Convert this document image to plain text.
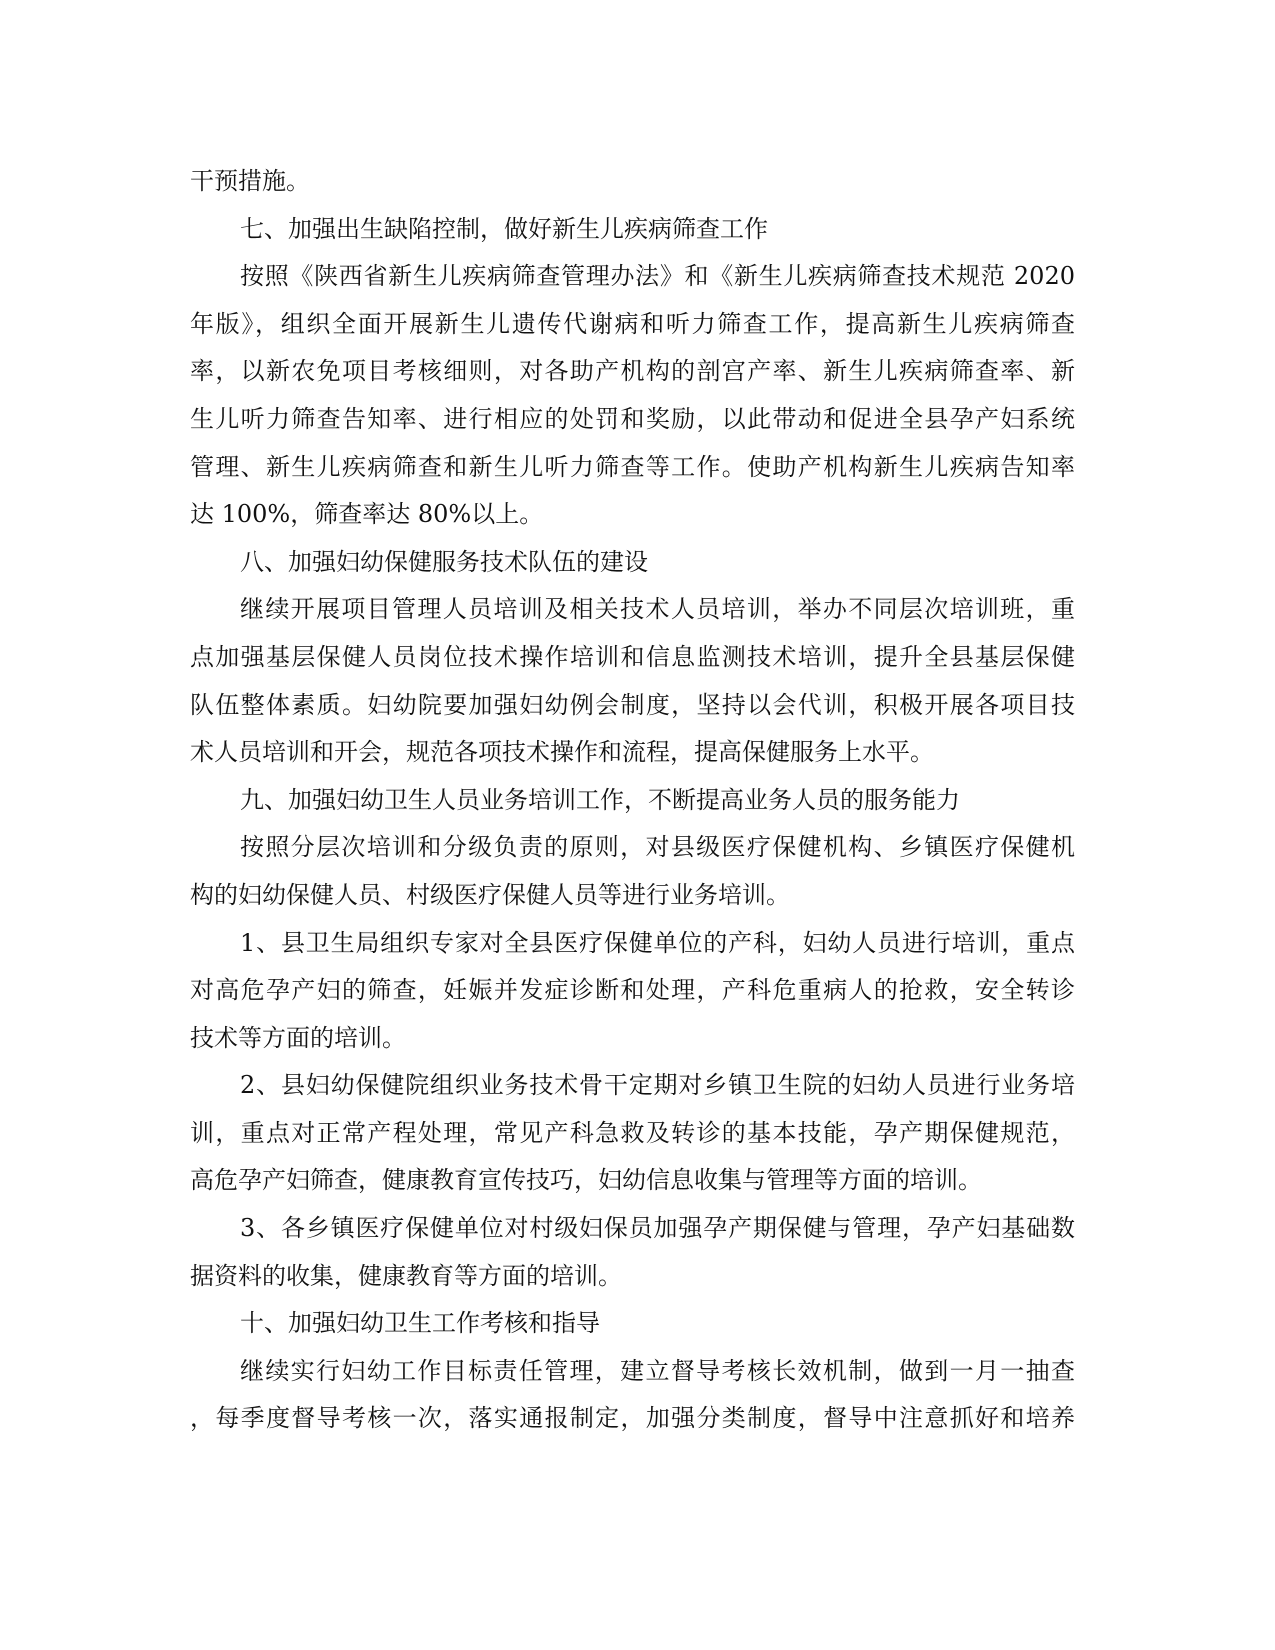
干预措施。
七、加强出生缺陷控制，做好新生儿疾病筛查工作
按照《陕西省新生儿疾病筛查管理办法》和《新生儿疾病筛查技术规范 2020
年版》，组织全面开展新生儿遗传代谢病和听力筛查工作，提高新生儿疾病筛查
率，以新农免项目考核细则，对各助产机构的剖宫产率、新生儿疾病筛查率、新
生儿听力筛查告知率、进行相应的处罚和奖励，以此带动和促进全县孕产妇系统
管理、新生儿疾病筛查和新生儿听力筛查等工作。使助产机构新生儿疾病告知率
达 100%，筛查率达 80%以上。
八、加强妇幼保健服务技术队伍的建设
继续开展项目管理人员培训及相关技术人员培训，举办不同层次培训班，重
点加强基层保健人员岗位技术操作培训和信息监测技术培训，提升全县基层保健
队伍整体素质。妇幼院要加强妇幼例会制度，坚持以会代训，积极开展各项目技
术人员培训和开会，规范各项技术操作和流程，提高保健服务上水平。
九、加强妇幼卫生人员业务培训工作，不断提高业务人员的服务能力
按照分层次培训和分级负责的原则，对县级医疗保健机构、乡镇医疗保健机
构的妇幼保健人员、村级医疗保健人员等进行业务培训。
1、县卫生局组织专家对全县医疗保健单位的产科，妇幼人员进行培训，重点
对高危孕产妇的筛查，妊娠并发症诊断和处理，产科危重病人的抢救，安全转诊
技术等方面的培训。
2、县妇幼保健院组织业务技术骨干定期对乡镇卫生院的妇幼人员进行业务培
训，重点对正常产程处理，常见产科急救及转诊的基本技能，孕产期保健规范，
高危孕产妇筛查，健康教育宣传技巧，妇幼信息收集与管理等方面的培训。
3、各乡镇医疗保健单位对村级妇保员加强孕产期保健与管理，孕产妇基础数
据资料的收集，健康教育等方面的培训。
十、加强妇幼卫生工作考核和指导
继续实行妇幼工作目标责任管理，建立督导考核长效机制，做到一月一抽查
，每季度督导考核一次，落实通报制定，加强分类制度，督导中注意抓好和培养
